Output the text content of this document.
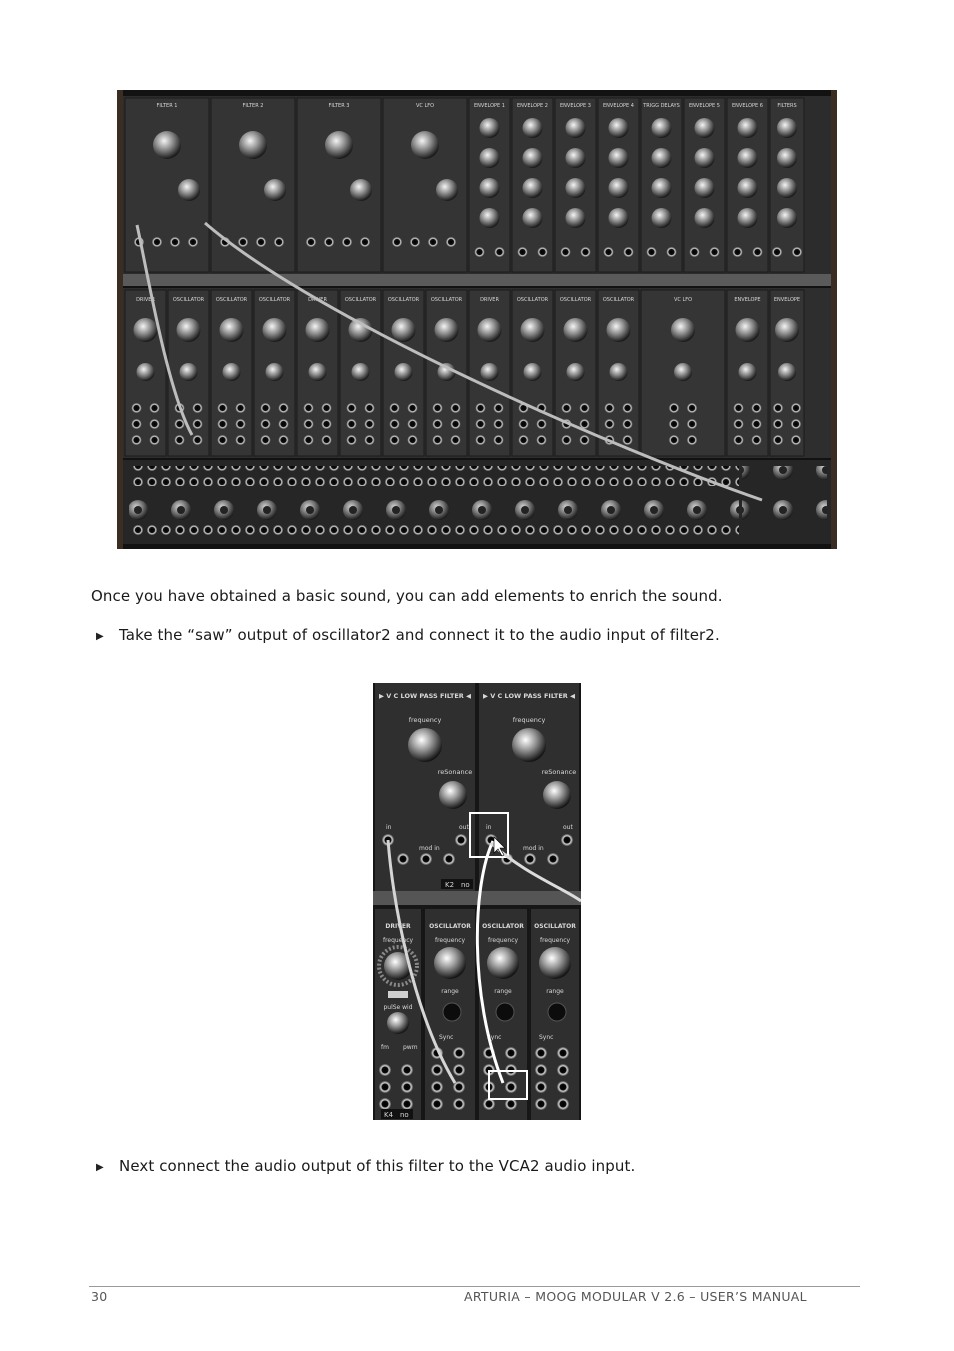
FILTER 1	FILTER 2	FILTER 3	VC LFO	ENVELOPE 1 ENVELOPE 2 ENVELOPE 3 ENVELOPE 4 TRIGG DELAYS ENVELOPE 5 ENVELOPE 6	FILTERS
DRIVER	OSCILLATOR OSCILLATOR OSCILLATOR	DRIVER	OSCILLATOR OSCILLATOR OSCILLATOR	DRIVER	OSCILLATOR OSCILLATOR OSCILLATOR	VC LFO	ENVELOPE	ENVELOPE
Once you have obtained a basic sound, you can add elements to enrich the sound.
▶ Take the “saw” output of oscillator2 and connect it to the audio input of filter2.
▶ V C LOW PASS FILTER ◀ ▶ V C LOW PASS FILTER ◀
frequency	frequency
reSonance	reSonance
in	out	in	out
mod in	mod in
K2 no
DRIVER	OSCILLATOR OSCILLATOR OSCILLATOR
frequency	frequency	frequency	frequency
range	range	range
pulSe wid
Sync	Sync	Sync
fm pwm
K4 no
▶ Next connect the audio output of this filter to the VCA2 audio input.
30	ARTURIA – MOOG MODULAR V 2.6 – USER’S MANUAL
